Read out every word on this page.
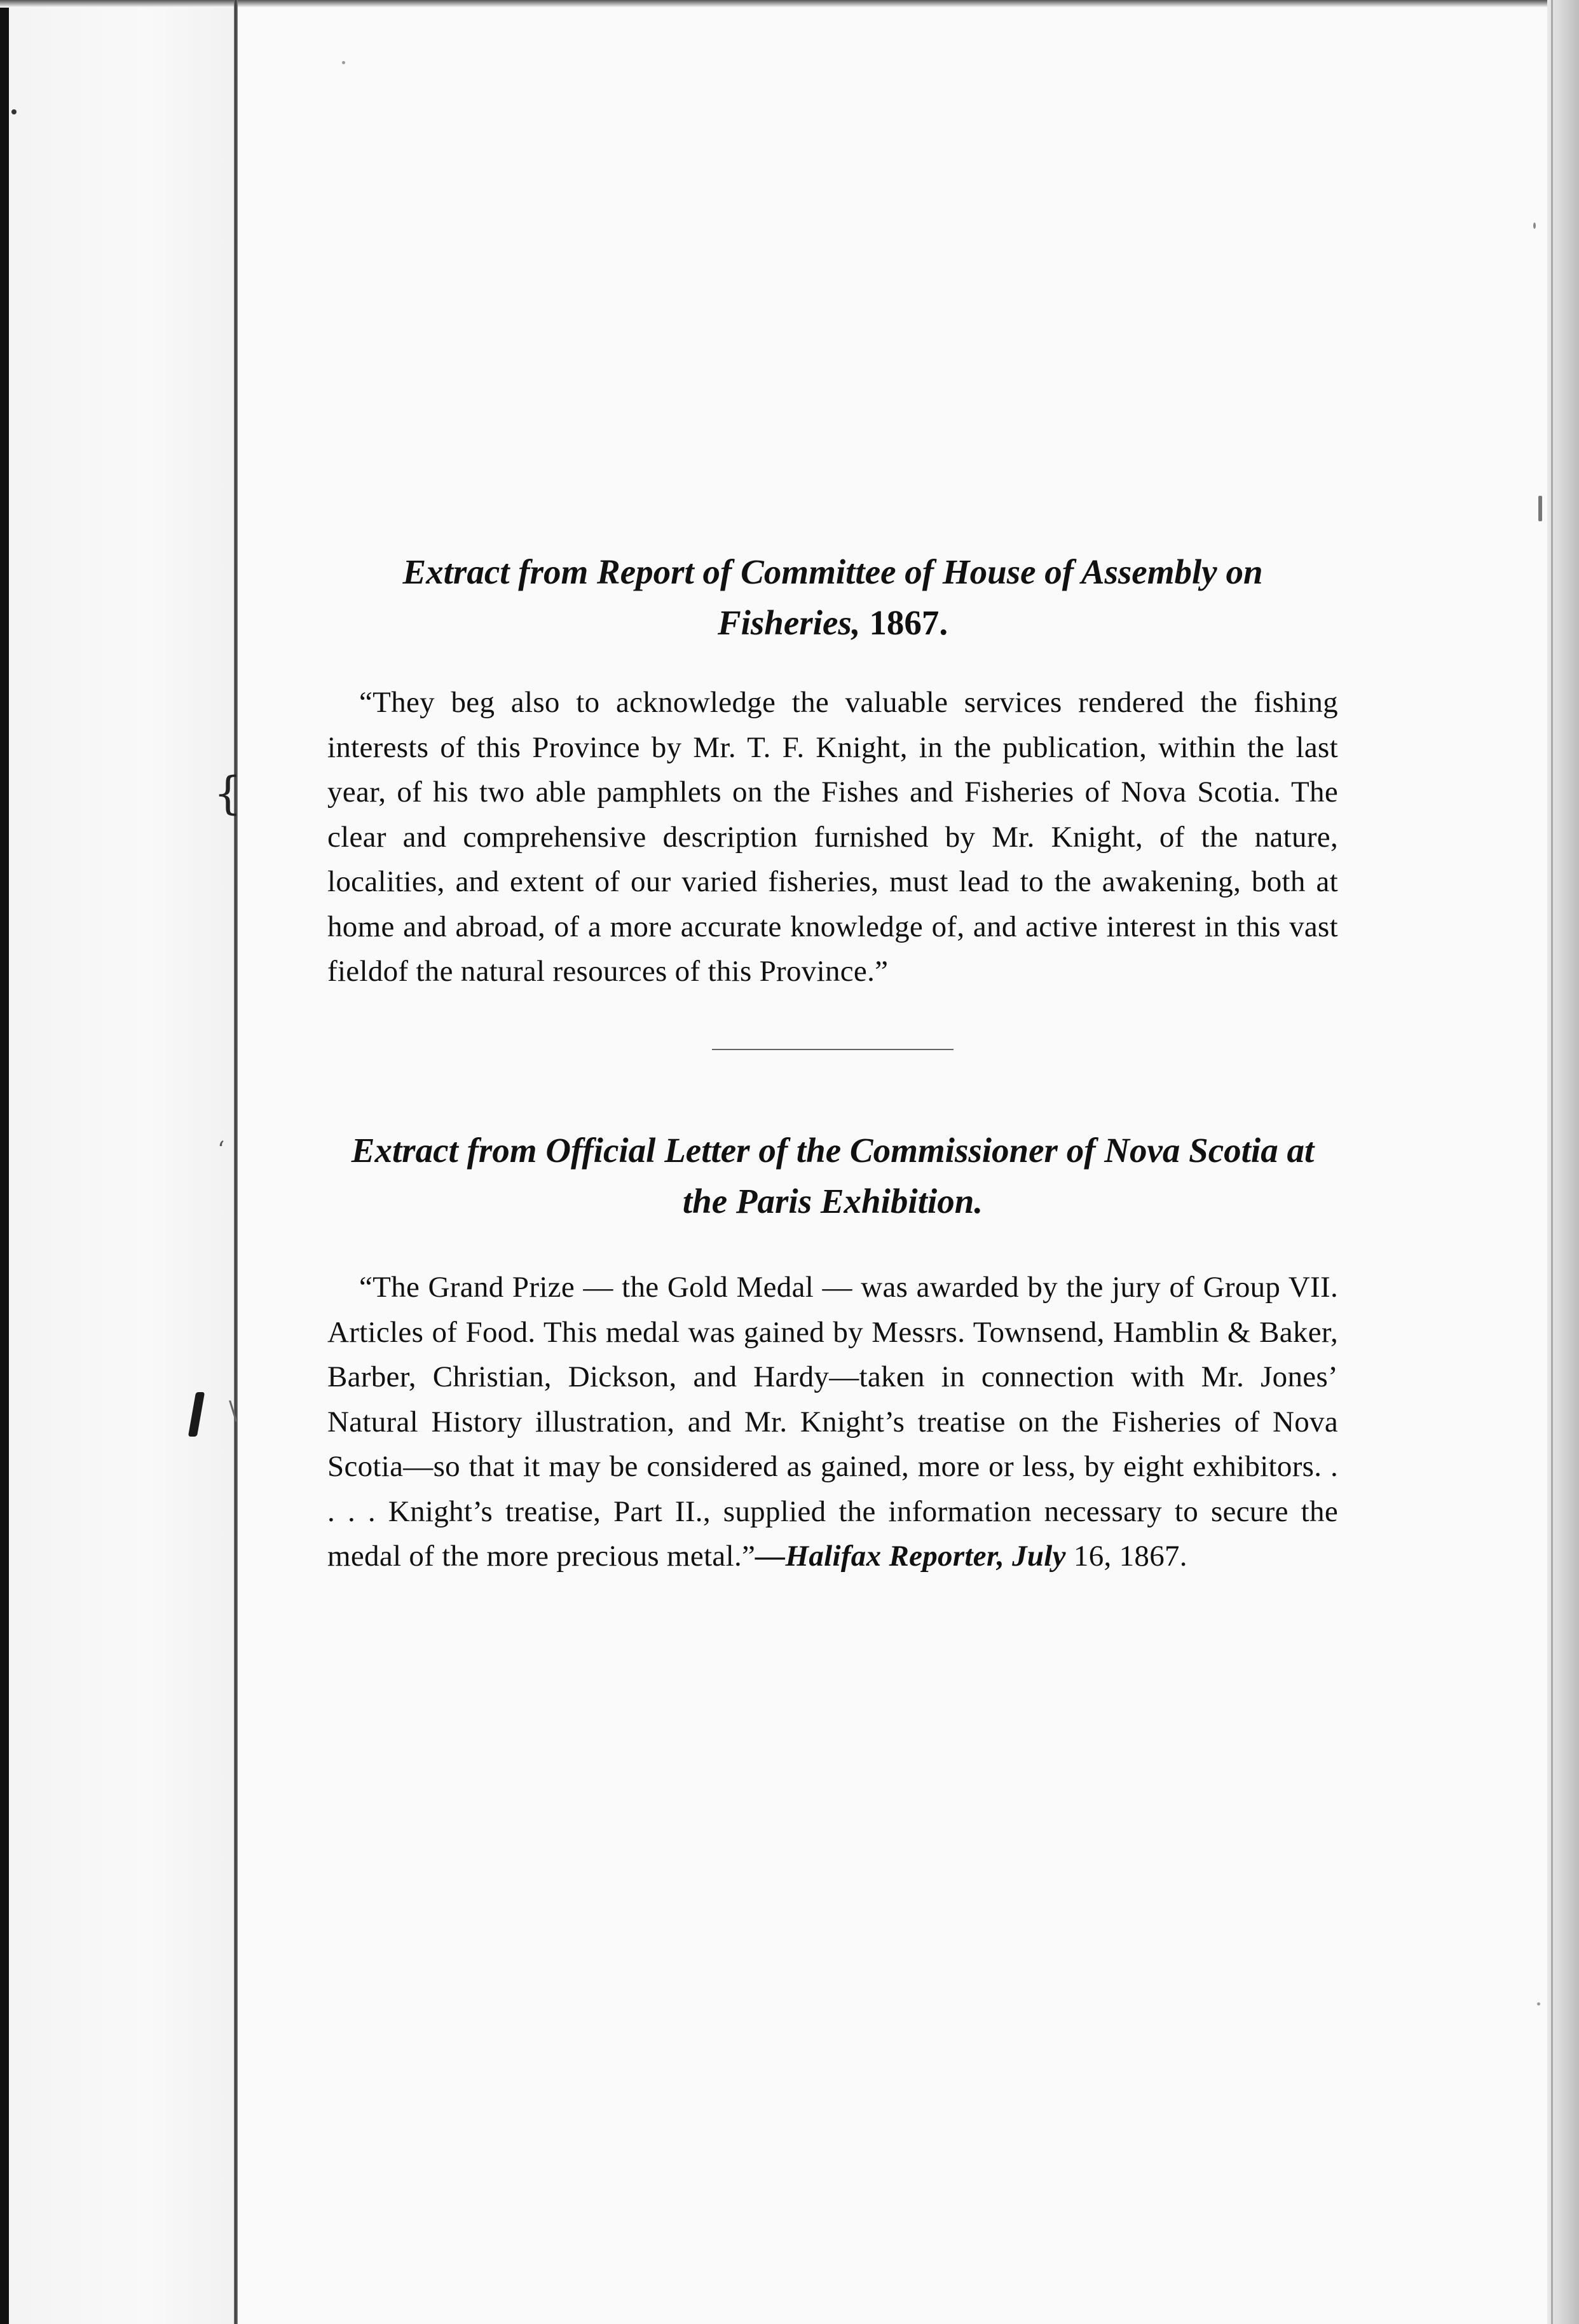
{
‘
\
Extract from Report of Committee of House of Assembly on
Fisheries, 1867.

“They beg also to acknowledge the valuable services rendered the fishing interests of this Province by Mr. T. F. Knight, in the publication, within the last year, of his two able pamphlets on the Fishes and Fisheries of Nova Scotia. The clear and comprehensive description furnished by Mr. Knight, of the nature, localities, and extent of our varied fisheries, must lead to the awakening, both at home and abroad, of a more accurate knowledge of, and active interest in this vast fieldof the natural resources of this Province.”

Extract from Official Letter of the Commissioner of Nova Scotia at
the Paris Exhibition.

“The Grand Prize — the Gold Medal — was awarded by the jury of Group VII. Articles of Food. This medal was gained by Messrs. Townsend, Hamblin & Baker, Barber, Christian, Dickson, and Hardy—taken in connection with Mr. Jones’ Natural History illustration, and Mr. Knight’s treatise on the Fisheries of Nova Scotia—so that it may be considered as gained, more or less, by eight exhibitors. . . . . Knight’s treatise, Part II., supplied the information necessary to secure the medal of the more precious metal.”—Halifax Reporter, July 16, 1867.
